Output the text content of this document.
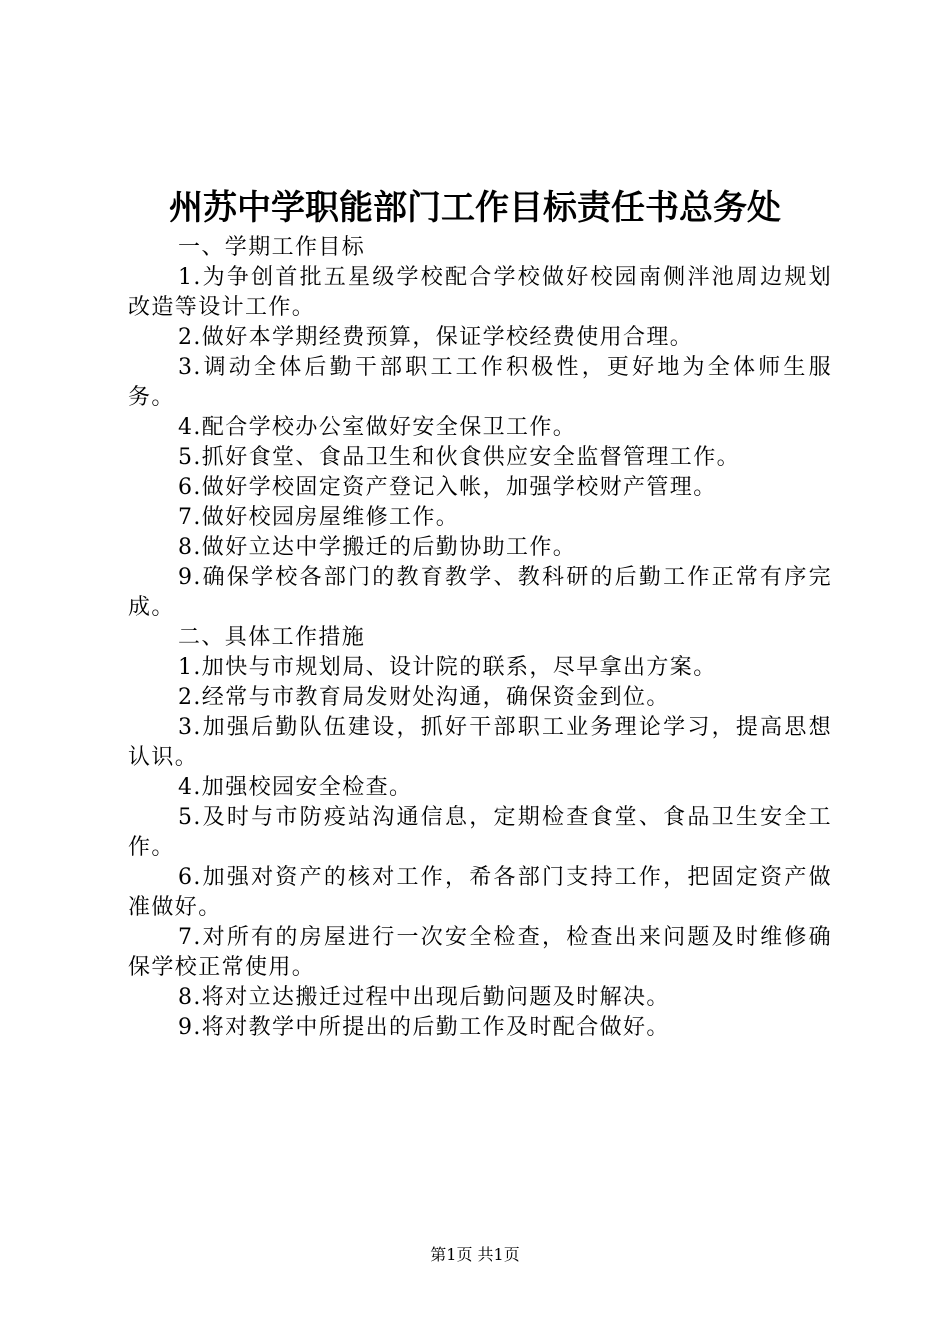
州苏中学职能部门工作目标责任书总务处

一、学期工作目标

1.为争创首批五星级学校配合学校做好校园南侧泮池周边规划改造等设计工作。

2.做好本学期经费预算，保证学校经费使用合理。

3.调动全体后勤干部职工工作积极性，更好地为全体师生服务。

4.配合学校办公室做好安全保卫工作。

5.抓好食堂、食品卫生和伙食供应安全监督管理工作。

6.做好学校固定资产登记入帐，加强学校财产管理。

7.做好校园房屋维修工作。

8.做好立达中学搬迁的后勤协助工作。

9.确保学校各部门的教育教学、教科研的后勤工作正常有序完成。

二、具体工作措施

1.加快与市规划局、设计院的联系，尽早拿出方案。

2.经常与市教育局发财处沟通，确保资金到位。

3.加强后勤队伍建设，抓好干部职工业务理论学习，提高思想认识。

4.加强校园安全检查。

5.及时与市防疫站沟通信息，定期检查食堂、食品卫生安全工作。

6.加强对资产的核对工作，希各部门支持工作，把固定资产做准做好。

7.对所有的房屋进行一次安全检查，检查出来问题及时维修确保学校正常使用。

8.将对立达搬迁过程中出现后勤问题及时解决。

9.将对教学中所提出的后勤工作及时配合做好。

第1页 共1页
